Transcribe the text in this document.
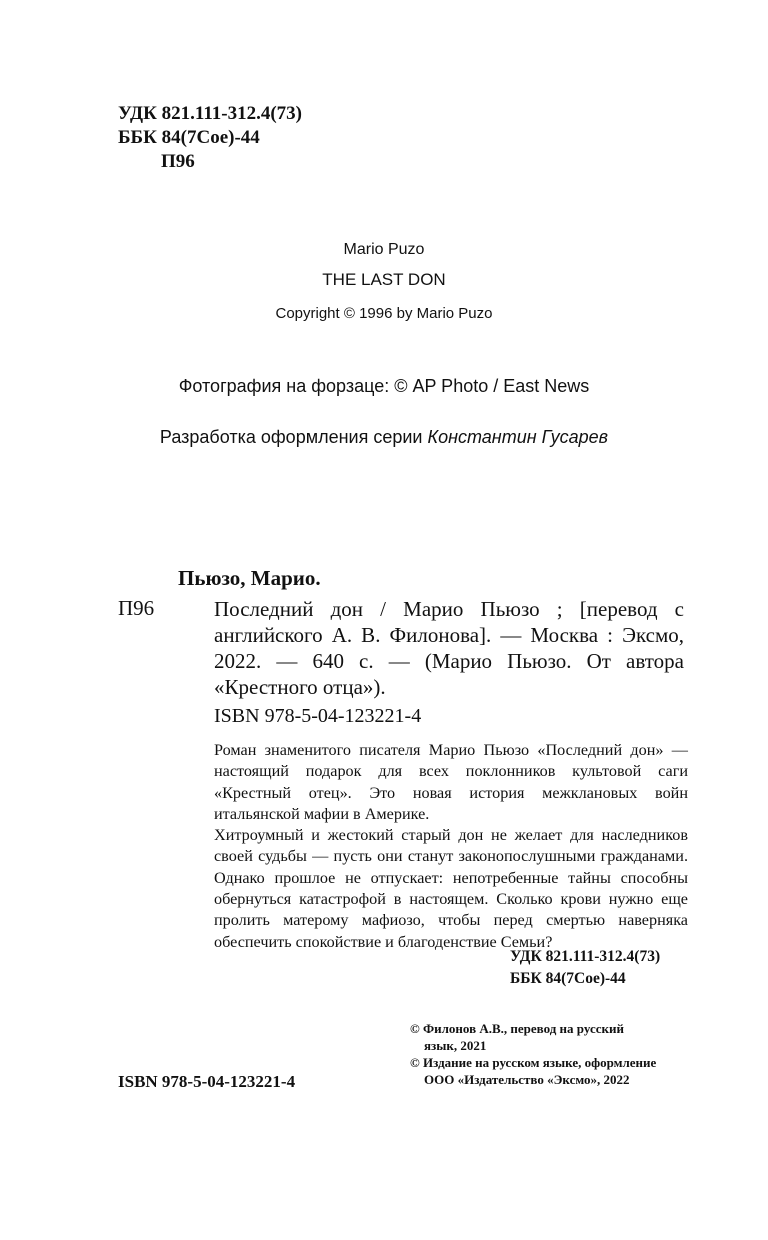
УДК 821.111-312.4(73)
ББК 84(7Сое)-44
П96
Mario Puzo
THE LAST DON
Copyright © 1996 by Mario Puzo
Фотография на форзаце: © AP Photo / East News
Разработка оформления серии Константин Гусарев
Пьюзо, Марио.
П96	Последний дон / Марио Пьюзо ; [перевод с английского А. В. Филонова]. — Москва : Эксмо, 2022. — 640 с. — (Марио Пьюзо. От автора «Крестного отца»).
ISBN 978-5-04-123221-4

Роман знаменитого писателя Марио Пьюзо «Последний дон» — настоящий подарок для всех поклонников культовой саги «Крестный отец». Это новая история межклановых войн итальянской мафии в Америке.

Хитроумный и жестокий старый дон не желает для наследников своей судьбы — пусть они станут законопослушными гражданами. Однако прошлое не отпускает: непотребенные тайны способны обернуться катастрофой в настоящем. Сколько крови нужно еще пролить матерому мафиозо, чтобы перед смертью наверняка обеспечить спокойствие и благоденствие Семьи?

УДК 821.111-312.4(73)
ББК 84(7Сое)-44
© Филонов А.В., перевод на русский
язык, 2021
© Издание на русском языке, оформление
ООО «Издательство «Эксмо», 2022
ISBN 978-5-04-123221-4
